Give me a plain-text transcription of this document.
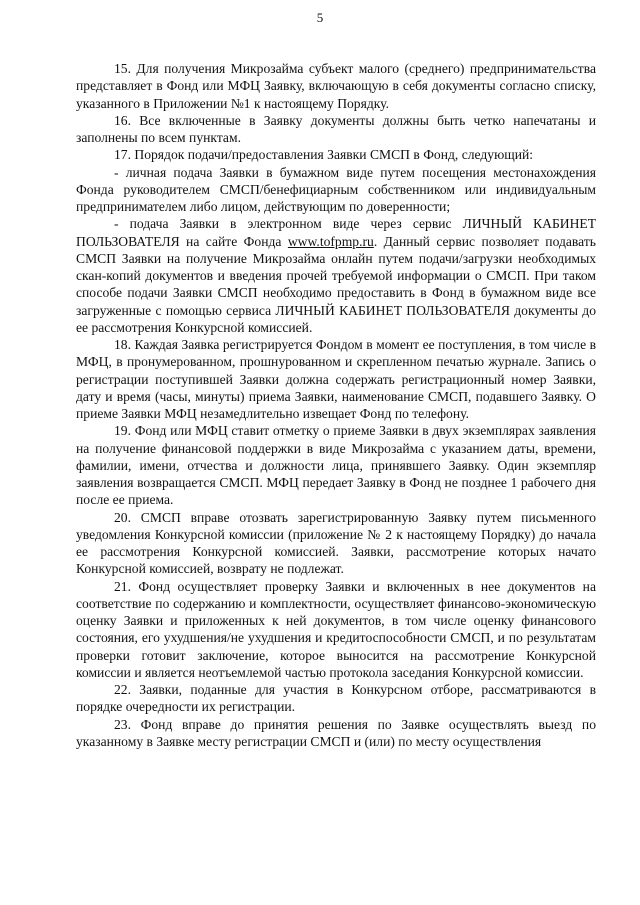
5

15. Для получения Микрозайма субъект малого (среднего) предпринимательства представляет в Фонд или МФЦ Заявку, включающую в себя документы согласно списку, указанного в Приложении №1 к настоящему Порядку.

16. Все включенные в Заявку документы должны быть четко напечатаны и заполнены по всем пунктам.

17. Порядок подачи/предоставления Заявки СМСП в Фонд, следующий:

- личная подача Заявки в бумажном виде путем посещения местонахождения Фонда руководителем СМСП/бенефициарным собственником или индивидуальным предпринимателем либо лицом, действующим по доверенности;

- подача Заявки в электронном виде через сервис ЛИЧНЫЙ КАБИНЕТ ПОЛЬЗОВАТЕЛЯ на сайте Фонда www.tofpmp.ru. Данный сервис позволяет подавать СМСП Заявки на получение Микрозайма онлайн путем подачи/загрузки необходимых скан-копий документов и введения прочей требуемой информации о СМСП. При таком способе подачи Заявки СМСП необходимо предоставить в Фонд в бумажном виде все загруженные с помощью сервиса ЛИЧНЫЙ КАБИНЕТ ПОЛЬЗОВАТЕЛЯ документы до ее рассмотрения Конкурсной комиссией.

18. Каждая Заявка регистрируется Фондом в момент ее поступления, в том числе в МФЦ, в пронумерованном, прошнурованном и скрепленном печатью журнале. Запись о регистрации поступившей Заявки должна содержать регистрационный номер Заявки, дату и время (часы, минуты) приема Заявки, наименование СМСП, подавшего Заявку. О приеме Заявки МФЦ незамедлительно извещает Фонд по телефону.

19. Фонд или МФЦ ставит отметку о приеме Заявки в двух экземплярах заявления на получение финансовой поддержки в виде Микрозайма с указанием даты, времени, фамилии, имени, отчества и должности лица, принявшего Заявку. Один экземпляр заявления возвращается СМСП. МФЦ передает Заявку в Фонд не позднее 1 рабочего дня после ее приема.

20. СМСП вправе отозвать зарегистрированную Заявку путем письменного уведомления Конкурсной комиссии (приложение № 2 к настоящему Порядку) до начала ее рассмотрения Конкурсной комиссией. Заявки, рассмотрение которых начато Конкурсной комиссией, возврату не подлежат.

21. Фонд осуществляет проверку Заявки и включенных в нее документов на соответствие по содержанию и комплектности, осуществляет финансово-экономическую оценку Заявки и приложенных к ней документов, в том числе оценку финансового состояния, его ухудшения/не ухудшения и кредитоспособности СМСП, и по результатам проверки готовит заключение, которое выносится на рассмотрение Конкурсной комиссии и является неотъемлемой частью протокола заседания Конкурсной комиссии.

22. Заявки, поданные для участия в Конкурсном отборе, рассматриваются в порядке очередности их регистрации.

23. Фонд вправе до принятия решения по Заявке осуществлять выезд по указанному в Заявке месту регистрации СМСП и (или) по месту осуществления
